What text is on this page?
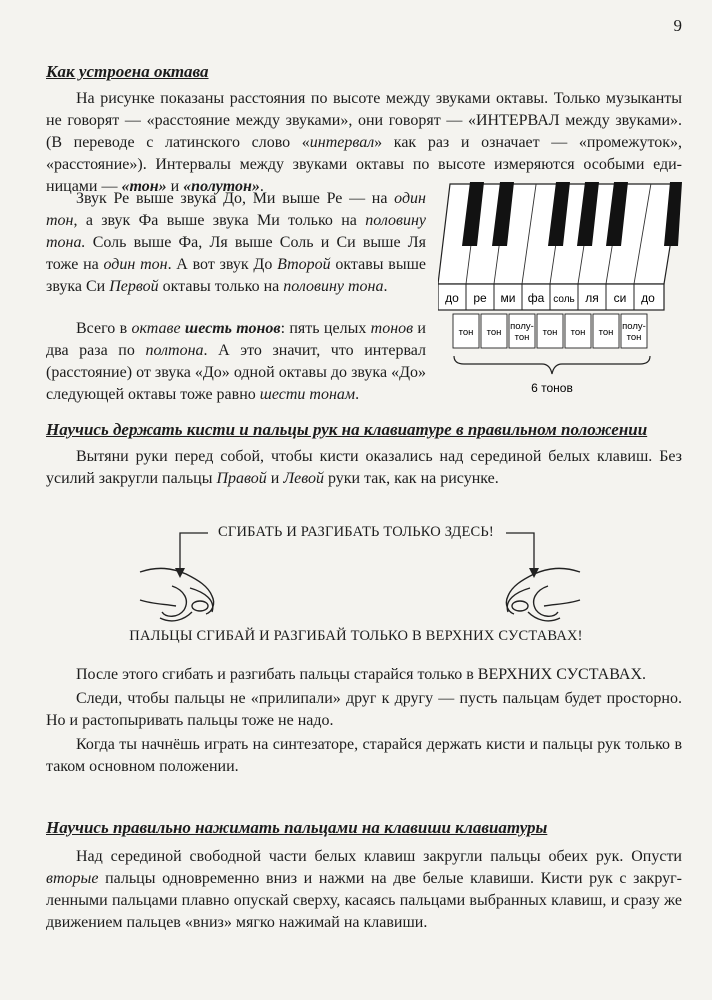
9
Как устроена октава

На рисунке показаны расстояния по высоте между звуками октавы. Только музыканты не говорят — «расстояние между звуками», они говорят — «ИНТЕРВАЛ между звуками». (В переводе с латинского слово «интервал» как раз и означает — «промежуток», «расстояние»). Интервалы между звуками октавы по высоте измеряются особыми единицами — «тон» и «полутон».

Звук Ре выше звука До, Ми выше Ре — на один тон, а звук Фа выше звука Ми только на половину тона. Соль выше Фа, Ля выше Соль и Си выше Ля тоже на один тон. А вот звук До Второй октавы выше звука Си Первой октавы только на половину тона.

Всего в октаве шесть тонов: пять целых тонов и два раза по полтона. А это значит, что интервал (расстояние) от звука «До» одной октавы до звука «До» следующей октавы тоже равно шести тонам.

до ре ми фа соль ля си до
тон тон
полу-
тон тон тон тон
полу-
тон
6 тонов
Научись держать кисти и пальцы рук на клавиатуре в правильном положении

Вытяни руки перед собой, чтобы кисти оказались над серединой белых клавиш. Без усилий закругли пальцы Правой и Левой руки так, как на рисунке.

СГИБАТЬ И РАЗГИБАТЬ ТОЛЬКО ЗДЕСЬ!
ПАЛЬЦЫ СГИБАЙ И РАЗГИБАЙ ТОЛЬКО В ВЕРХНИХ СУСТАВАХ!

После этого сгибать и разгибать пальцы старайся только в ВЕРХНИХ СУСТАВАХ.

Следи, чтобы пальцы не «прилипали» друг к другу — пусть пальцам будет просторно. Но и растопыривать пальцы тоже не надо.

Когда ты начнёшь играть на синтезаторе, старайся держать кисти и пальцы рук только в таком основном положении.

Научись правильно нажимать пальцами на клавиши клавиатуры

Над серединой свободной части белых клавиш закругли пальцы обеих рук. Опусти вторые пальцы одновременно вниз и нажми на две белые клавиши. Кисти рук с закругленными пальцами плавно опускай сверху, касаясь пальцами выбранных клавиш, и сразу же движением пальцев «вниз» мягко нажимай на клавиши.
